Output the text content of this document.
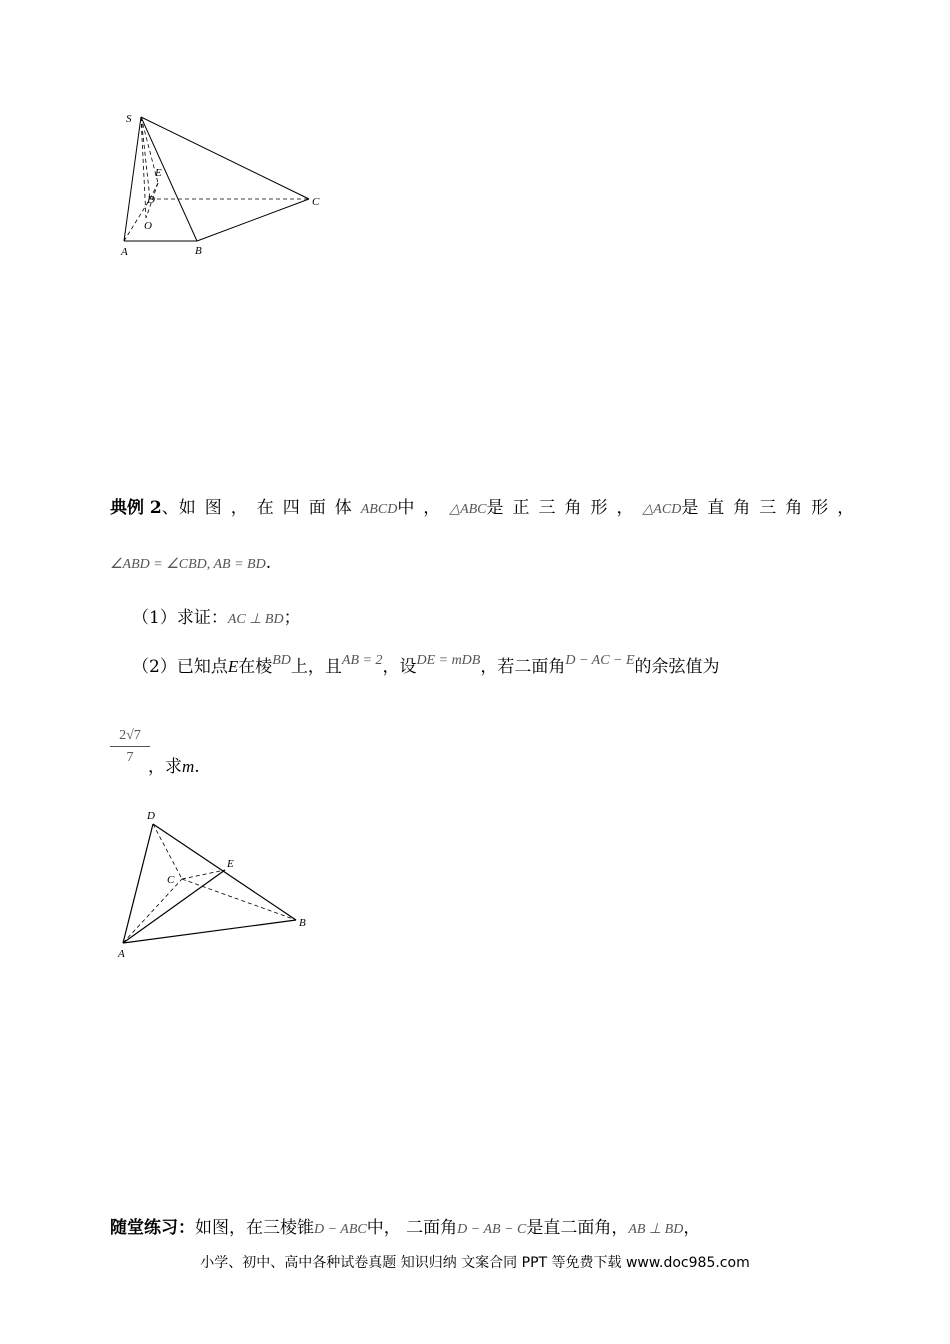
S
E
D
O
A	B
C
典例 2、如图，在四面体ABCD中，△ABC是正三角形，△ACD是直角三角形，
∠ABD = ∠CBD, AB = BD.
（1）求证：AC ⊥ BD；
（2）已知点E在棱$^{BD}$上，且$^{AB = 2}$，设$^{DE = mDB}$，若二面角$^{D - AC - E}$的余弦值为
$\frac{2√7}{7}$
，求m.
D
E
C
B
A
随堂练习：如图，在三棱锥D − ABC中， 二面角D − AB − C是直二面角，AB ⊥ BD，
小学、初中、高中各种试卷真题 知识归纳 文案合同 PPT 等免费下载 www.doc985.com
